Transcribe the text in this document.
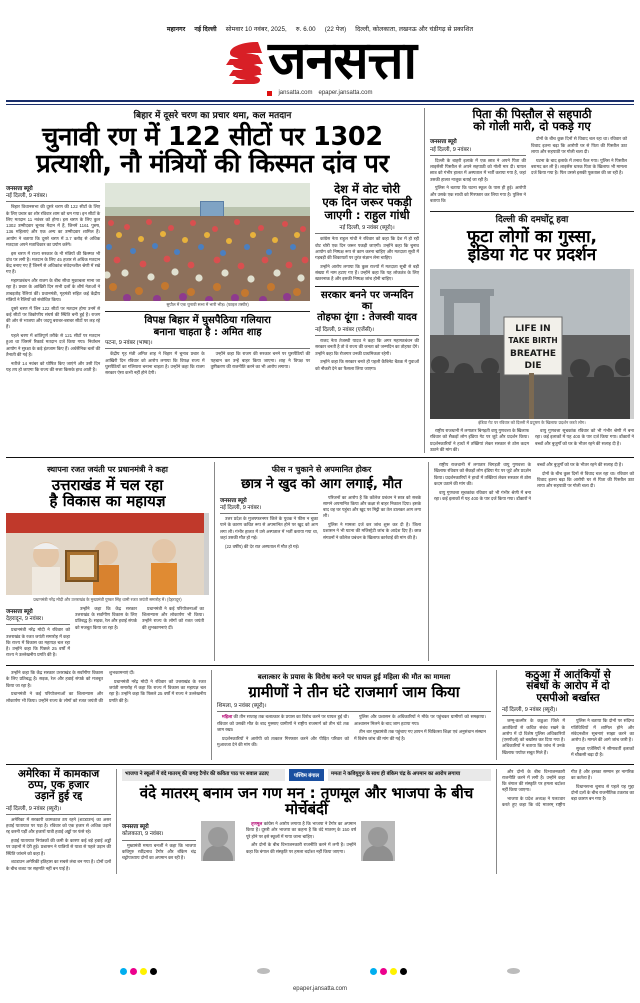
महानगर नई दिल्ली सोमवार 10 नवंबर, 2025, रु. 6.00 (22 पेज) दिल्ली, कोलकाता, लखनऊ और चंडीगढ़ से प्रकाशित
जनसत्ता
jansatta.com epaper.jansatta.com
बिहार में दूसरे चरण का प्रचार थमा, कल मतदान
चुनावी रण में 122 सीटों पर 1302
प्रत्याशी, नौ मंत्रियों की किस्मत दांव पर
जनसत्ता ब्यूरो
नई दिल्ली, 9 नवंबर।

बिहार विधानसभा की दूसरे चरण की 122 सीटों के लिए के लिए प्रचार का शोर रविवार शाम को थम गया। इन सीटों के लिए मतदान 11 नवंबर को होगा। इस चरण के लिए कुल 1302 उम्मीदवार चुनाव मैदान में हैं, जिनमें 1161 पुरुष, 136 महिलाएं और एक अन्य का उम्मीदवार शामिल हैं। आयोग ने बताया कि दूसरे चरण में 3.7 करोड़ से अधिक मतदाता अपने मताधिकार का प्रयोग करेंगे।

इस चरण में राज्य सरकार के नौ मंत्रियों की किस्मत भी दांव पर लगी है। मतदान के लिए 45 हजार से अधिक मतदान केंद्र बनाए गए हैं जिनमें से अधिकांश संवेदनशील श्रेणी में रखे गए हैं।

महागठबंधन और राजग के बीच सीधा मुकाबला माना जा रहा है। प्रचार के आखिरी दिन सभी दलों के शीर्ष नेताओं ने ताबड़तोड़ रैलियां कीं। प्रधानमंत्री, गृहमंत्री सहित कई केंद्रीय मंत्रियों ने रैलियों को संबोधित किया।

दूसरे चरण में जिन 122 सीटों पर मतदान होगा उनमें से कई सीटों पर त्रिकोणीय संघर्ष की स्थिति बनी हुई है। राजग की ओर से भाजपा और जदयू बराबर-बराबर सीटों पर लड़ रहे हैं।

पहले चरण में शांतिपूर्ण तरीके से 121 सीटों पर मतदान हुआ था जिसमें रिकार्ड मतदान दर्ज किया गया। निर्वाचन आयोग ने सुरक्षा के कड़े इंतजाम किए हैं। अर्धसैनिक बलों की तैनाती की गई है।

नतीजे 14 नवंबर को घोषित किए जाएंगे और उसी दिन यह तय हो जाएगा कि राज्य की सत्ता किसके हाथ आती है।

सुपौल में एक चुनावी सभा में भारी भीड़। (फाइल तस्वीर)
विपक्ष बिहार में घुसपैठिया गलियारा
बनाना चाहता है : अमित शाह
पटना, 9 नवंबर (भाषा)।

केंद्रीय गृह मंत्री अमित शाह ने बिहार में चुनाव प्रचार के आखिरी दिन रविवार को आरोप लगाया कि विपक्ष राज्य में घुसपैठियों का गलियारा बनाना चाहता है। उन्होंने कहा कि राजग सरकार ऐसा कभी नहीं होने देगी।

उन्होंने कहा कि राजग की सरकार बनने पर घुसपैठियों की पहचान कर उन्हें बाहर किया जाएगा। शाह ने विपक्ष पर तुष्टीकरण की राजनीति करने का भी आरोप लगाया।

देश में वोट चोरी
एक दिन जरूर पकड़ी
जाएगी : राहुल गांधी
नई दिल्ली, 9 नवंबर (ब्यूरो)।

कांग्रेस नेता राहुल गांधी ने रविवार को कहा कि देश में हो रही वोट चोरी एक दिन जरूर पकड़ी जाएगी। उन्होंने कहा कि चुनाव आयोग को निष्पक्ष रूप से काम करना चाहिए और मतदाता सूची में गड़बड़ी की शिकायतों पर तुरंत संज्ञान लेना चाहिए।

उन्होंने आरोप लगाया कि कुछ राज्यों में मतदाता सूची से बड़ी संख्या में नाम हटाए गए हैं। उन्होंने कहा कि यह लोकतंत्र के लिए खतरनाक है और इसकी निष्पक्ष जांच होनी चाहिए।

सरकार बनने पर जन्मदिन का
तोहफा दूंगा : तेजस्वी यादव
नई दिल्ली, 9 नवंबर (एजेंसी)।

राजद नेता तेजस्वी यादव ने कहा कि अगर महागठबंधन की सरकार बनती है तो वे राज्य की जनता को जन्मदिन का तोहफा देंगे। उन्होंने कहा कि रोजगार उनकी प्राथमिकता रहेगी।

उन्होंने कहा कि सरकार बनते ही पहली कैबिनेट बैठक में युवाओं को नौकरी देने का फैसला लिया जाएगा।

पिता की पिस्तौल से सहपाठी
को गोली मारी, दो पकड़े गए
जनसत्ता ब्यूरो
नई दिल्ली, 9 नवंबर।

दिल्ली के बाहरी इलाके में एक छात्र ने अपने पिता की लाइसेंसी पिस्तौल से अपने सहपाठी को गोली मार दी। घायल छात्र को गंभीर हालत में अस्पताल में भर्ती कराया गया है, जहां उसकी हालत नाजुक बताई जा रही है।

पुलिस ने बताया कि घटना स्कूल के पास ही हुई। आरोपी और उसके एक साथी को गिरफ्तार कर लिया गया है। पुलिस ने बताया कि

दोनों के बीच कुछ दिनों से विवाद चल रहा था। रविवार को विवाद इतना बढ़ा कि आरोपी घर से पिता की पिस्तौल उठा लाया और सहपाठी पर गोली चला दी।

घटना के बाद इलाके में तनाव फैल गया। पुलिस ने पिस्तौल बरामद कर ली है। लाइसेंस धारक पिता के खिलाफ भी मामला दर्ज किया गया है। फिर उससे इसकी पूछताछ की जा रही है।

दिल्ली की दमघोंटू हवा
फूटा लोगों का गुस्सा,
इंडिया गेट पर प्रदर्शन
LIFE IN
TAKE BIRTH
BREATHE
DIE
इंडिया गेट पर रविवार को दिल्ली में प्रदूषण के खिलाफ प्रदर्शन करते लोग।

राष्ट्रीय राजधानी में लगातार बिगड़ती वायु गुणवत्ता के खिलाफ रविवार को सैकड़ों लोग इंडिया गेट पर जुटे और प्रदर्शन किया। प्रदर्शनकारियों ने हाथों में तख्तियां लेकर सरकार से ठोस कदम उठाने की मांग की।

वायु गुणवत्ता सूचकांक रविवार को भी गंभीर श्रेणी में बना रहा। कई इलाकों में यह 400 के पार दर्ज किया गया। डॉक्टरों ने बच्चों और बुजुर्गों को घर के भीतर रहने की सलाह दी है।

स्थापना रजत जयंती पर प्रधानमंत्री ने कहा
उत्तराखंड में चल रहा
है विकास का महायज्ञ
प्रधानमंत्री नरेंद्र मोदी और उत्तराखंड के मुख्यमंत्री पुष्कर सिंह धामी रजत जयंती समारोह में। (देहरादून)
जनसत्ता ब्यूरो
देहरादून, 9 नवंबर।

प्रधानमंत्री नरेंद्र मोदी ने रविवार को उत्तराखंड के रजत जयंती समारोह में कहा कि राज्य में विकास का महायज्ञ चल रहा है। उन्होंने कहा कि पिछले 25 वर्षों में राज्य ने उल्लेखनीय प्रगति की है।

उन्होंने कहा कि केंद्र सरकार उत्तराखंड के सर्वांगीण विकास के लिए प्रतिबद्ध है। सड़क, रेल और हवाई संपर्क को मजबूत किया जा रहा है।

प्रधानमंत्री ने कई परियोजनाओं का शिलान्यास और लोकार्पण भी किया। उन्होंने राज्य के लोगों को रजत जयंती की शुभकामनाएं दीं।

फीस न चुकाने से अपमानित होकर
छात्र ने खुद को आग लगाई, मौत
जनसत्ता ब्यूरो
नई दिल्ली, 9 नवंबर।

उत्तर प्रदेश के मुजफ्फरनगर जिले के युवक ने फीस न चुका पाने के कारण कथित रूप से अपमानित होने पर खुद को आग लगा ली। गंभीर हालत में उसे अस्पताल में भर्ती कराया गया था, जहां उसकी मौत हो गई।

(22 वर्षीय) की देर रात अस्पताल में मौत हो गई।

परिजनों का आरोप है कि कॉलेज प्रबंधन ने छात्र को सबके सामने अपमानित किया और कक्षा से बाहर निकाल दिया। इसके बाद वह घर पहुंचा और खुद पर मिट्टी का तेल डालकर आग लगा ली।

पुलिस ने मामला दर्ज कर जांच शुरू कर दी है। जिला प्रशासन ने भी घटना की मजिस्ट्रेटी जांच के आदेश दिए हैं। छात्र संगठनों ने कॉलेज प्रबंधन के खिलाफ कार्रवाई की मांग की है।

राष्ट्रीय राजधानी में लगातार बिगड़ती वायु गुणवत्ता के खिलाफ रविवार को सैकड़ों लोग इंडिया गेट पर जुटे और प्रदर्शन किया। प्रदर्शनकारियों ने हाथों में तख्तियां लेकर सरकार से ठोस कदम उठाने की मांग की।

वायु गुणवत्ता सूचकांक रविवार को भी गंभीर श्रेणी में बना रहा। कई इलाकों में यह 400 के पार दर्ज किया गया। डॉक्टरों ने बच्चों और बुजुर्गों को घर के भीतर रहने की सलाह दी है।

दोनों के बीच कुछ दिनों से विवाद चल रहा था। रविवार को विवाद इतना बढ़ा कि आरोपी घर से पिता की पिस्तौल उठा लाया और सहपाठी पर गोली चला दी।

उन्होंने कहा कि केंद्र सरकार उत्तराखंड के सर्वांगीण विकास के लिए प्रतिबद्ध है। सड़क, रेल और हवाई संपर्क को मजबूत किया जा रहा है।

प्रधानमंत्री ने कई परियोजनाओं का शिलान्यास और लोकार्पण भी किया। उन्होंने राज्य के लोगों को रजत जयंती की शुभकामनाएं दीं।

प्रधानमंत्री नरेंद्र मोदी ने रविवार को उत्तराखंड के रजत जयंती समारोह में कहा कि राज्य में विकास का महायज्ञ चल रहा है। उन्होंने कहा कि पिछले 25 वर्षों में राज्य ने उल्लेखनीय प्रगति की है।

बलात्कार के प्रयास के विरोध करने पर घायल हुई महिला की मौत का मामला
ग्रामीणों ने तीन घंटे राजमार्ग जाम किया
शिमला, 9 नवंबर (ब्यूरो)।

महिला की तीन सप्ताह तक बलात्कार के प्रयास का विरोध करने पर घायल हुई थी। रविवार को उसकी मौत के बाद गुस्साए ग्रामीणों ने राष्ट्रीय राजमार्ग को तीन घंटे तक जाम रखा।

प्रदर्शनकारियों ने आरोपी को तत्काल गिरफ्तार करने और पीड़ित परिवार को मुआवजा देने की मांग की।

पुलिस और प्रशासन के अधिकारियों ने मौके पर पहुंचकर ग्रामीणों को समझाया। आश्वासन मिलने के बाद जाम हटाया गया।

तीन बार मुख्यमंत्री तक पहुंचाए गए ज्ञापन में चिकित्सा शिक्षा एवं अनुसंधान संस्थान में विशेष जांच की मांग की गई है।

कठुआ में आतंकियों से
संबंधों के आरोप में दो
एसपीओ बर्खास्त
नई दिल्ली, 9 नवंबर (ब्यूरो)।

जम्मू-कश्मीर के कठुआ जिले में आतंकियों से कथित संबंध रखने के आरोप में दो विशेष पुलिस अधिकारियों (एसपीओ) को बर्खास्त कर दिया गया है। अधिकारियों ने बताया कि जांच में उनके खिलाफ पर्याप्त सबूत मिले हैं।

पुलिस ने बताया कि दोनों पर संदिग्ध गतिविधियों में शामिल होने और संवेदनशील सूचनाएं साझा करने का आरोप है। मामले की आगे जांच जारी है।

सुरक्षा एजेंसियों ने सीमावर्ती इलाकों में चौकसी बढ़ा दी है।

अमेरिका में कामकाज
ठप्प, एक हजार
उड़ानें हुई रद्द
नई दिल्ली, 9 नवंबर (ब्यूरो)।

अमेरिका में सरकारी कामकाज ठप रहने (शटडाउन) का असर हवाई यातायात पर पड़ा है। रविवार को एक हजार से अधिक उड़ानें रद्द करनी पड़ीं और हजारों यात्री हवाई अड्डों पर फंसे रहे।

हवाई यातायात नियंत्रकों की कमी के कारण कई बड़े हवाई अड्डों पर उड़ानों में देरी हुई। प्रशासन ने यात्रियों से यात्रा से पहले उड़ान की स्थिति जांचने को कहा है।

शटडाउन अमेरिकी इतिहास का सबसे लंबा बन गया है। दोनों दलों के बीच बजट पर सहमति नहीं बन पाई है।

भाजपा ने स्कूलों में वंदे मातरम् की जगह टैगोर की कविता पाठ पर सवाल उठाए	पश्चिम बंगाल	ममता ने कवियुगुरु के साथ ही बंकिम चंद्र के अपमान का आरोप लगाया
वंदे मातरम् बनाम जन गण मन : तृणमूल और भाजपा के बीच मोर्चेबंदी
जनसत्ता ब्यूरो
कोलकाता, 9 नवंबर।

मुख्यमंत्री ममता बनर्जी ने कहा कि भाजपा कविगुरु रवींद्रनाथ टैगोर और बंकिम चंद्र चट्टोपाध्याय दोनों का अपमान कर रही है।

तृणमूल कांग्रेस ने आरोप लगाया है कि भाजपा ने टैगोर का अपमान किया है। दूसरी ओर भाजपा का कहना है कि वंदे मातरम् के 150 वर्ष पूरे होने पर इसे स्कूलों में गाया जाना चाहिए।

और दोनों के बीच विभाजनकारी राजनीति करने में लगी है। उन्होंने कहा कि बंगाल की संस्कृति पर हमला बर्दाश्त नहीं किया जाएगा।

और दोनों के बीच विभाजनकारी राजनीति करने में लगी है। उन्होंने कहा कि बंगाल की संस्कृति पर हमला बर्दाश्त नहीं किया जाएगा।

भाजपा के प्रदेश अध्यक्ष ने पलटवार करते हुए कहा कि वंदे मातरम् राष्ट्रीय गीत है और इसका सम्मान हर नागरिक का कर्तव्य है।

विधानसभा चुनाव से पहले यह मुद्दा दोनों दलों के बीच राजनीतिक टकराव का बड़ा कारण बन गया है।

epaper.jansatta.com
